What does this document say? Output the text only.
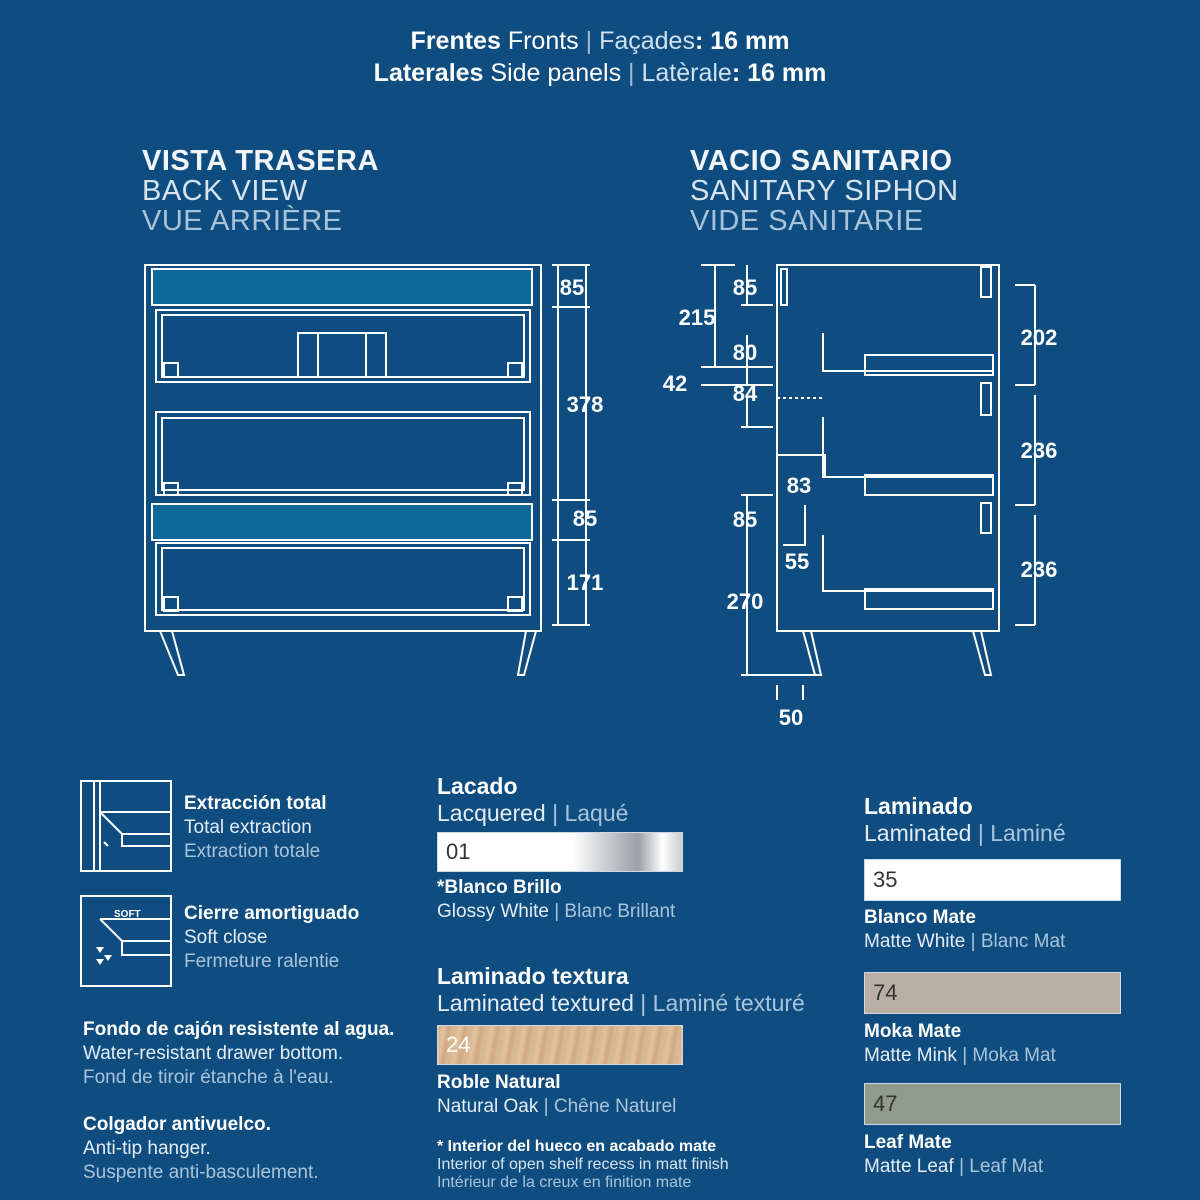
Frentes Fronts | Façades: 16 mm
Laterales Side panels | Latèrale: 16 mm
VISTA TRASERA
BACK VIEW
VUE ARRIÈRE
VACIO SANITARIO
SANITARY SIPHON
VIDE SANITARIE
85
378
85
171
85
215
80
42 84
83
85
55
270
50
202
236
236
Extracción total
Total extraction
Extraction totale
SOFT Cierre amortiguado
Soft close
Fermeture ralentie
Fondo de cajón resistente al agua.
Water-resistant drawer bottom.
Fond de tiroir étanche à l'eau.
Colgador antivuelco.
Anti-tip hanger.
Suspente anti-basculement.
Lacado
Lacquered | Laqué
01
*Blanco Brillo
Glossy White | Blanc Brillant
Laminado textura
Laminated textured | Laminé texturé
24
Roble Natural
Natural Oak | Chêne Naturel
* Interior del hueco en acabado mate
Interior of open shelf recess in matt finish
Intérieur de la creux en finition mate
Laminado
Laminated | Laminé
35
Blanco Mate
Matte White | Blanc Mat
74
Moka Mate
Matte Mink | Moka Mat
47
Leaf Mate
Matte Leaf | Leaf Mat
